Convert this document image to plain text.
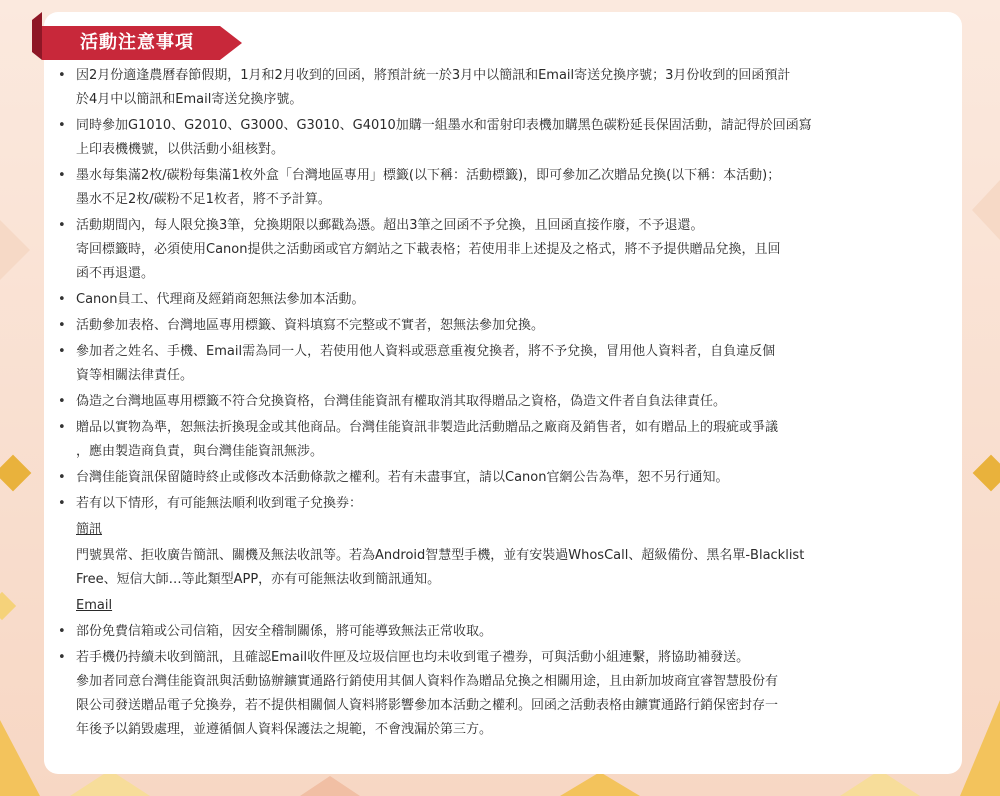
活動注意事項
• 因2月份適逢農曆春節假期，1月和2月收到的回函，將預計統一於3月中以簡訊和Email寄送兌換序號；3月份收到的回函預計
於4月中以簡訊和Email寄送兌換序號。
• 同時參加G1010、G2010、G3000、G3010、G4010加購一組墨水和雷射印表機加購黑色碳粉延長保固活動，請記得於回函寫
上印表機機號，以供活動小組核對。
• 墨水每集滿2枚/碳粉每集滿1枚外盒「台灣地區專用」標籤(以下稱：活動標籤)，即可參加乙次贈品兌換(以下稱：本活動)；
墨水不足2枚/碳粉不足1枚者，將不予計算。
• 活動期間內，每人限兌換3筆，兌換期限以郵戳為憑。超出3筆之回函不予兌換，且回函直接作廢，不予退還。
寄回標籤時，必須使用Canon提供之活動函或官方網站之下載表格；若使用非上述提及之格式，將不予提供贈品兌換，且回
函不再退還。
• Canon員工、代理商及經銷商恕無法參加本活動。
• 活動參加表格、台灣地區專用標籤、資料填寫不完整或不實者，恕無法參加兌換。
• 參加者之姓名、手機、Email需為同一人，若使用他人資料或惡意重複兌換者，將不予兌換，冒用他人資料者，自負違反個
資等相關法律責任。
• 偽造之台灣地區專用標籤不符合兌換資格，台灣佳能資訊有權取消其取得贈品之資格，偽造文件者自負法律責任。
• 贈品以實物為準，恕無法折換現金或其他商品。台灣佳能資訊非製造此活動贈品之廠商及銷售者，如有贈品上的瑕疵或爭議
，應由製造商負責，與台灣佳能資訊無涉。
• 台灣佳能資訊保留隨時終止或修改本活動條款之權利。若有未盡事宜，請以Canon官網公告為準，恕不另行通知。
• 若有以下情形，有可能無法順利收到電子兌換券：
簡訊
門號異常、拒收廣告簡訊、關機及無法收訊等。若為Android智慧型手機，並有安裝過WhosCall、超級備份、黑名單-Blacklist
Free、短信大師…等此類型APP，亦有可能無法收到簡訊通知。
Email
• 部份免費信箱或公司信箱，因安全稽制關係，將可能導致無法正常收取。
• 若手機仍持續未收到簡訊，且確認Email收件匣及垃圾信匣也均未收到電子禮券，可與活動小組連繫，將協助補發送。
參加者同意台灣佳能資訊與活動協辦鑛實通路行銷使用其個人資料作為贈品兌換之相關用途，且由新加坡商宜睿智慧股份有
限公司發送贈品電子兌換券，若不提供相關個人資料將影響參加本活動之權利。回函之活動表格由鑛實通路行銷保密封存一
年後予以銷毀處理，並遵循個人資料保護法之規範，不會洩漏於第三方。
